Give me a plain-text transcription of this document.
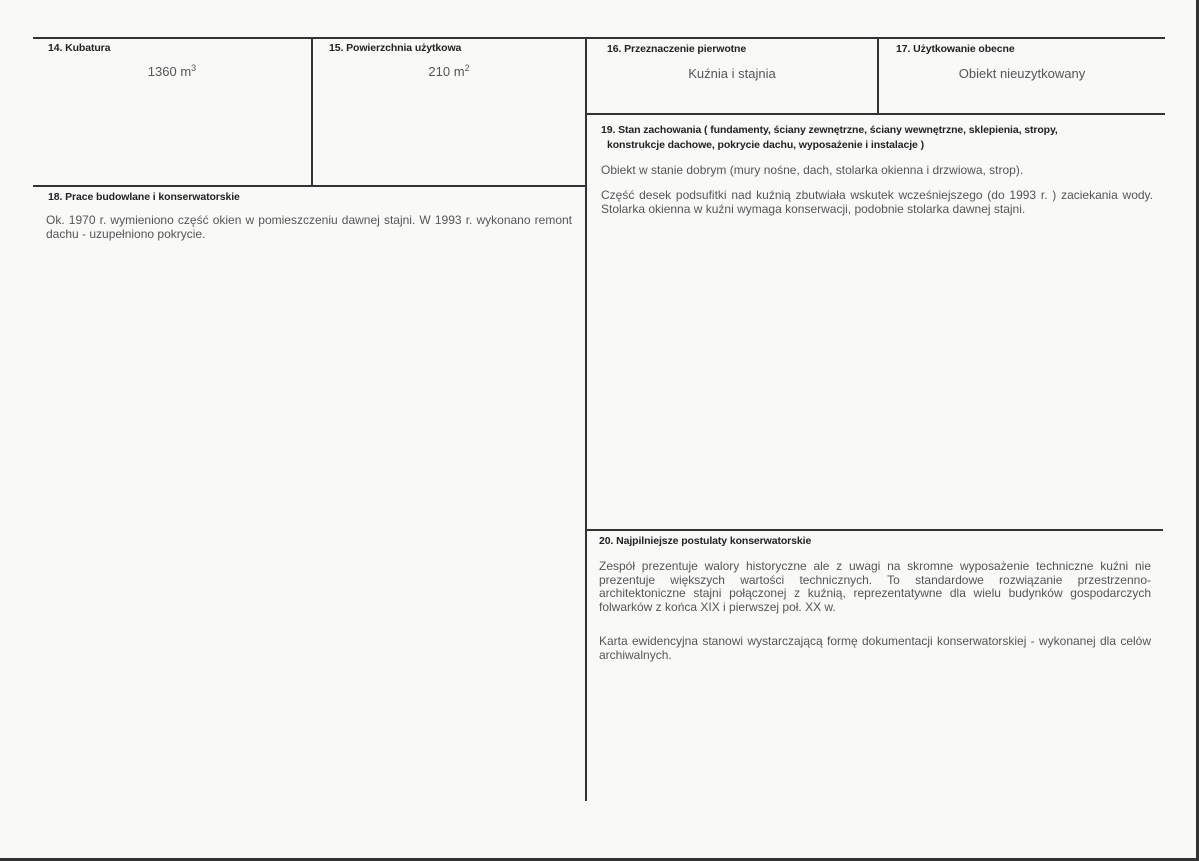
14. Kubatura
1360 $m^3$
15. Powierzchnia użytkowa
210 $m^2$
16. Przeznaczenie pierwotne
Kuźnia i stajnia
17. Użytkowanie obecne
Obiekt nieuzytkowany
18. Prace budowlane i konserwatorskie

Ok. 1970 r. wymieniono część okien w pomieszczeniu dawnej stajni. W 1993 r. wykonano remont dachu - uzupełniono pokrycie.

19. Stan zachowania ( fundamenty, ściany zewnętrzne, ściany wewnętrzne, sklepienia, stropy,
konstrukcje dachowe, pokrycie dachu, wyposażenie i instalacje )

Obiekt w stanie dobrym (mury nośne, dach, stolarka okienna i drzwiowa, strop).

Część desek podsufitki nad kuźnią zbutwiała wskutek wcześniejszego (do 1993 r. ) zaciekania wody. Stolarka okienna w kuźni wymaga konserwacji, podobnie stolarka dawnej stajni.

20. Najpilniejsze postulaty konserwatorskie

Zespół prezentuje walory historyczne ale z uwagi na skromne wyposażenie techniczne kuźni nie prezentuje większych wartości technicznych. To standardowe rozwiązanie przestrzenno-architektoniczne stajni połączonej z kuźnią, reprezentatywne dla wielu budynków gospodarczych folwarków z końca XIX i pierwszej poł. XX w.

Karta ewidencyjna stanowi wystarczającą formę dokumentacji konserwatorskiej - wykonanej dla celów archiwalnych.
